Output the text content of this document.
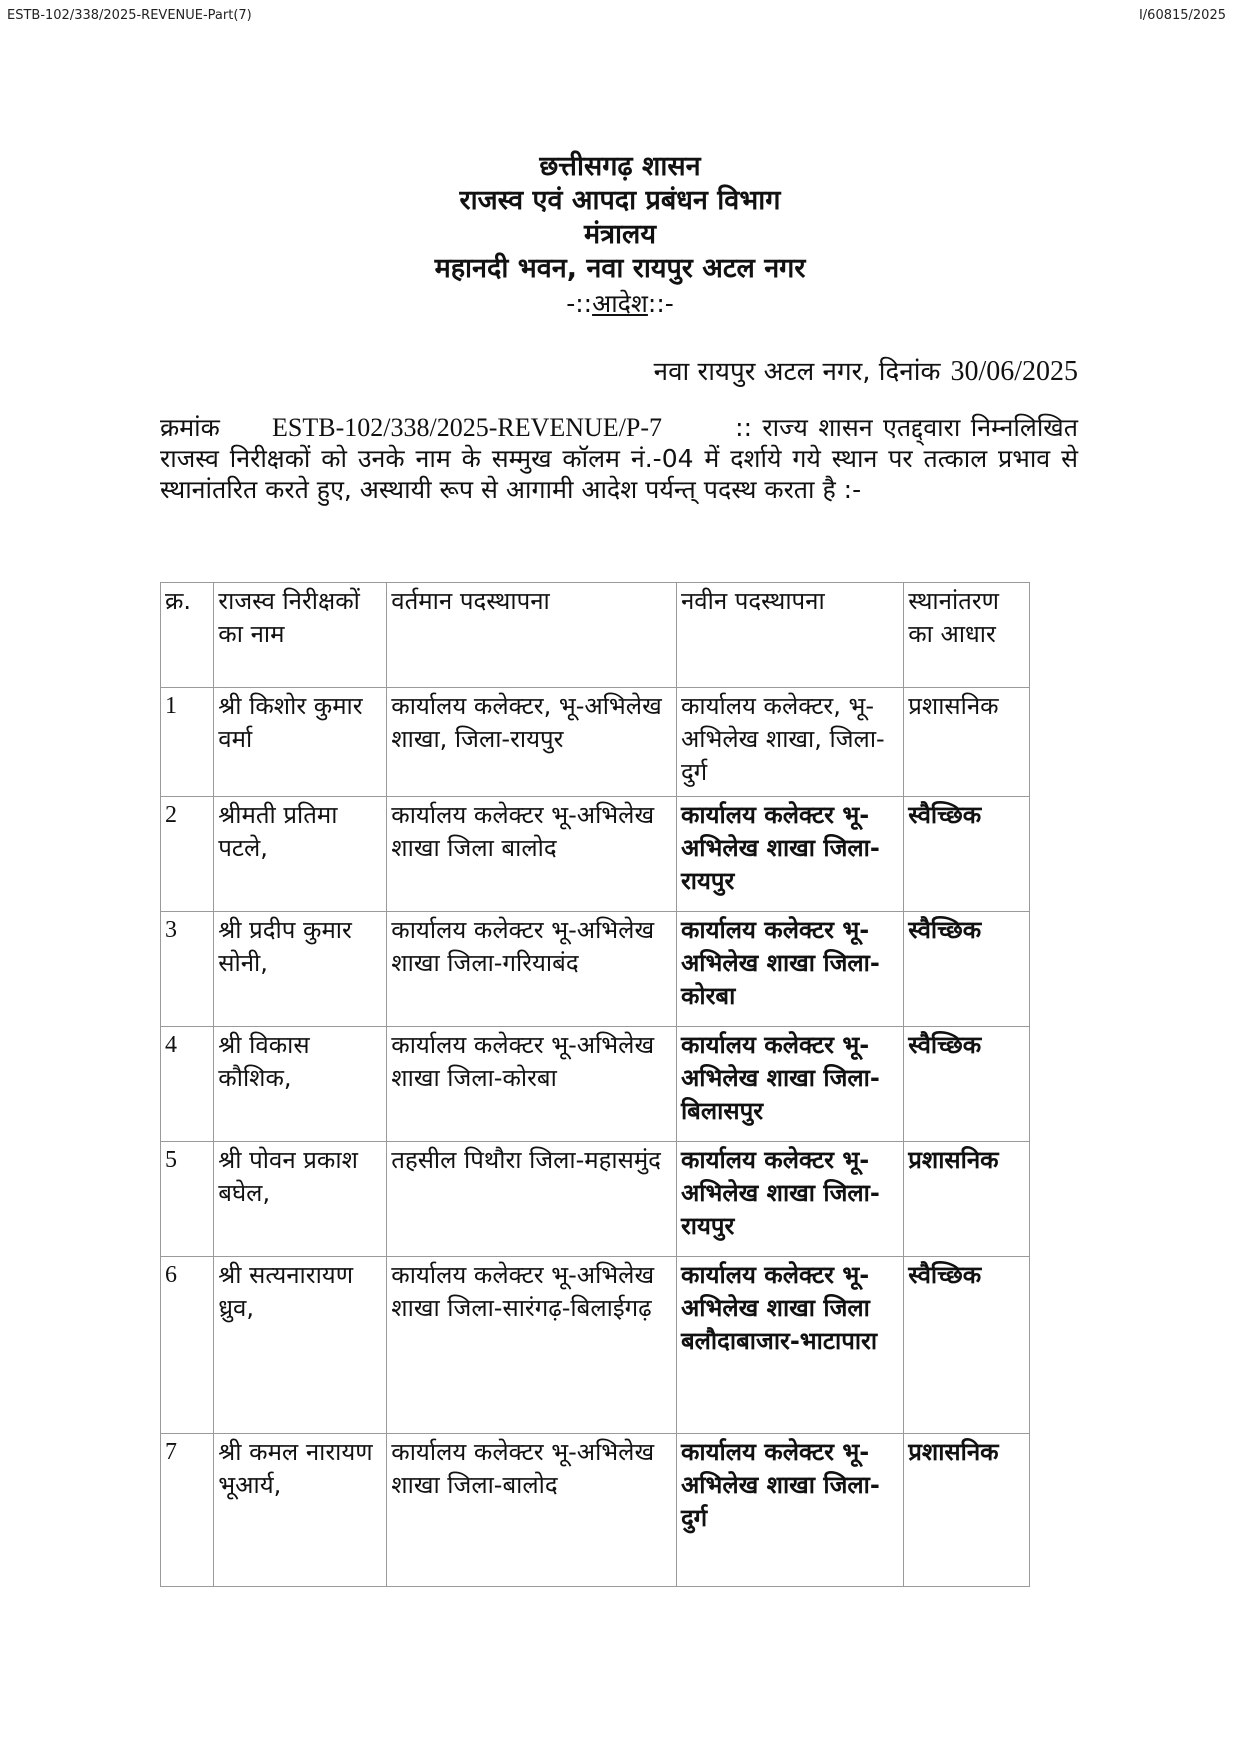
ESTB-102/338/2025-REVENUE-Part(7)	I/60815/2025
छत्तीसगढ़ शासन
राजस्व एवं आपदा प्रबंधन विभाग
मंत्रालय
महानदी भवन, नवा रायपुर अटल नगर
-::आदेश::-
नवा रायपुर अटल नगर, दिनांक 30/06/2025
क्रमांक ESTB-102/338/2025-REVENUE/P-7	:: राज्य शासन एतद्द्वारा निम्नलिखित राजस्व निरीक्षकों को उनके नाम के सम्मुख कॉलम नं.-04 में दर्शाये गये स्थान पर तत्काल प्रभाव से स्थानांतरित करते हुए, अस्थायी रूप से आगामी आदेश पर्यन्त् पदस्थ करता है :-
क्र.	राजस्व निरीक्षकों का नाम	वर्तमान पदस्थापना	नवीन पदस्थापना	स्थानांतरण का आधार
1	श्री किशोर कुमार वर्मा	कार्यालय कलेक्टर, भू-अभिलेख शाखा, जिला-रायपुर	कार्यालय कलेक्टर, भू-अभिलेख शाखा, जिला-दुर्ग	प्रशासनिक
2	श्रीमती प्रतिमा पटले,	कार्यालय कलेक्टर भू-अभिलेख शाखा जिला बालोद	कार्यालय कलेक्टर भू-अभिलेख शाखा जिला-रायपुर	स्वैच्छिक
3	श्री प्रदीप कुमार सोनी,	कार्यालय कलेक्टर भू-अभिलेख शाखा जिला-गरियाबंद	कार्यालय कलेक्टर भू-अभिलेख शाखा जिला- कोरबा	स्वैच्छिक
4	श्री विकास कौशिक,	कार्यालय कलेक्टर भू-अभिलेख शाखा जिला-कोरबा	कार्यालय कलेक्टर भू-अभिलेख शाखा जिला-बिलासपुर	स्वैच्छिक
5	श्री पोवन प्रकाश बघेल,	तहसील पिथौरा जिला-महासमुंद	कार्यालय कलेक्टर भू-अभिलेख शाखा जिला-रायपुर	प्रशासनिक
6	श्री सत्यनारायण ध्रुव,	कार्यालय कलेक्टर भू-अभिलेख शाखा जिला-सारंगढ़-बिलाईगढ़	कार्यालय कलेक्टर भू-अभिलेख शाखा जिला बलौदाबाजार-भाटापारा	स्वैच्छिक
7	श्री कमल नारायण भूआर्य,	कार्यालय कलेक्टर भू-अभिलेख शाखा जिला-बालोद	कार्यालय कलेक्टर भू-अभिलेख शाखा जिला-दुर्ग	प्रशासनिक
